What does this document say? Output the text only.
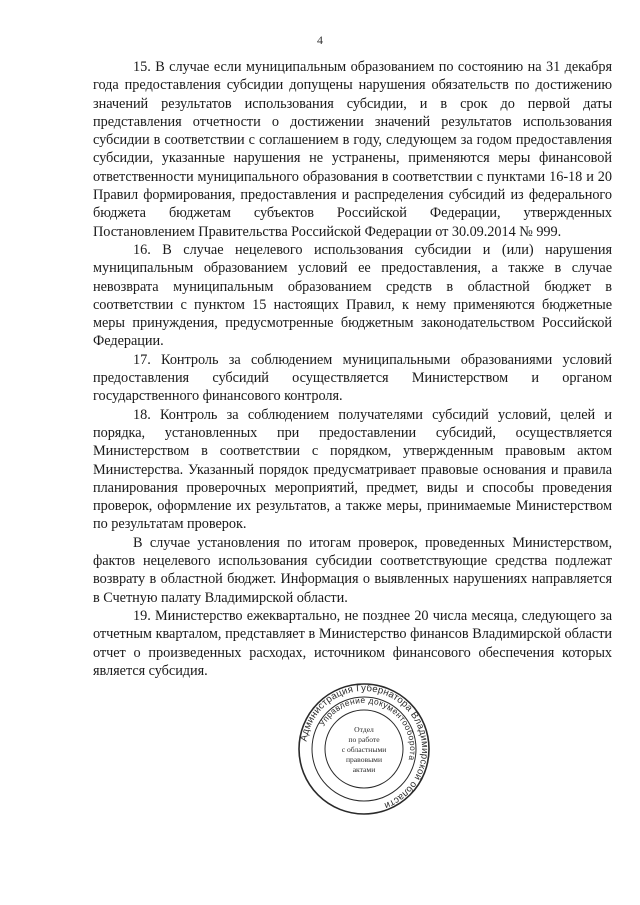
4

15. В случае если муниципальным образованием по состоянию на 31 декабря года предоставления субсидии допущены нарушения обязательств по достижению значений результатов использования субсидии, и в срок до первой даты представления отчетности о достижении значений результатов использования субсидии в соответствии с соглашением в году, следующем за годом предоставления субсидии, указанные нарушения не устранены, применяются меры финансовой ответственности муниципального образования в соответствии с пунктами 16-18 и 20 Правил формирования, предоставления и распределения субсидий из федерального бюджета бюджетам субъектов Российской Федерации, утвержденных Постановлением Правительства Российской Федерации от 30.09.2014 № 999.

16. В случае нецелевого использования субсидии и (или) нарушения муниципальным образованием условий ее предоставления, а также в случае невозврата муниципальным образованием средств в областной бюджет в соответствии с пунктом 15 настоящих Правил, к нему применяются бюджетные меры принуждения, предусмотренные бюджетным законодательством Российской Федерации.

17. Контроль за соблюдением муниципальными образованиями условий предоставления субсидий осуществляется Министерством и органом государственного финансового контроля.

18. Контроль за соблюдением получателями субсидий условий, целей и порядка, установленных при предоставлении субсидий, осуществляется Министерством в соответствии с порядком, утвержденным правовым актом Министерства. Указанный порядок предусматривает правовые основания и правила планирования проверочных мероприятий, предмет, виды и способы проведения проверок, оформление их результатов, а также меры, принимаемые Министерством по результатам проверок.

В случае установления по итогам проверок, проведенных Министерством, фактов нецелевого использования субсидии соответствующие средства подлежат возврату в областной бюджет. Информация о выявленных нарушениях направляется в Счетную палату Владимирской области.

19. Министерство ежеквартально, не позднее 20 числа месяца, следующего за отчетным кварталом, представляет в Министерство финансов Владимирской области отчет о произведенных расходах, источником финансового обеспечения которых является субсидия.

Администрация Губернатора Владимирской области
Управление документооборота
Отдел
по работе
с областными
правовыми
актами
